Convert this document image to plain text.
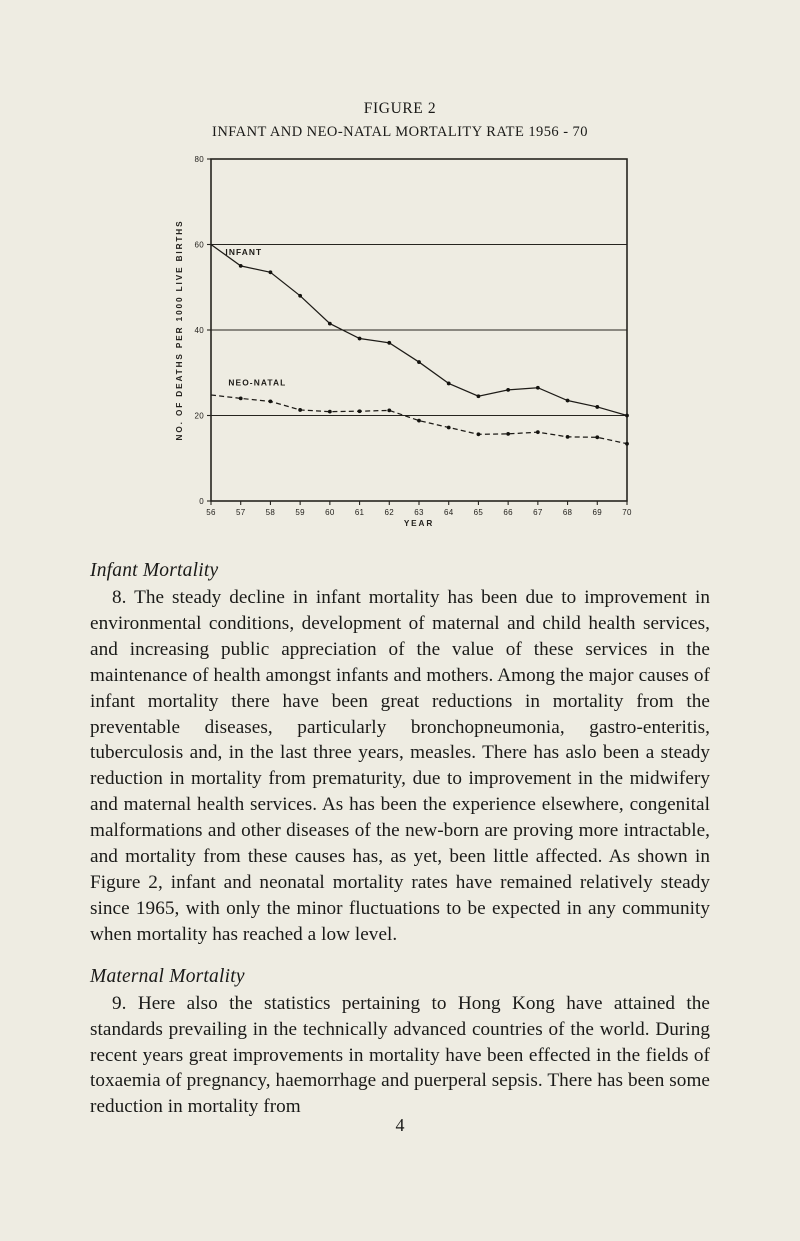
FIGURE 2
INFANT AND NEO-NATAL MORTALITY RATE 1956 - 70
0
20
40
60
80
56	57	58	59	60	61	62	63	64	65	66	67	68	69	70
YEAR
NO. OF DEATHS PER 1000 LIVE BIRTHS	INFANT
NEO-NATAL
Infant Mortality

8. The steady decline in infant mortality has been due to improvement in environmental conditions, development of maternal and child health services, and increasing public appreciation of the value of these services in the maintenance of health amongst infants and mothers. Among the major causes of infant mortality there have been great reductions in mortality from the preventable diseases, particularly bronchopneumonia, gastro-enteritis, tuberculosis and, in the last three years, measles. There has aslo been a steady reduction in mortality from prematurity, due to improvement in the midwifery and maternal health services. As has been the experience elsewhere, congenital malformations and other diseases of the new-born are proving more intractable, and mortality from these causes has, as yet, been little affected. As shown in Figure 2, infant and neonatal mortality rates have remained relatively steady since 1965, with only the minor fluctuations to be expected in any community when mortality has reached a low level.

Maternal Mortality

9. Here also the statistics pertaining to Hong Kong have attained the standards prevailing in the technically advanced countries of the world. During recent years great improvements in mortality have been effected in the fields of toxaemia of pregnancy, haemorrhage and puerperal sepsis. There has been some reduction in mortality from

4
